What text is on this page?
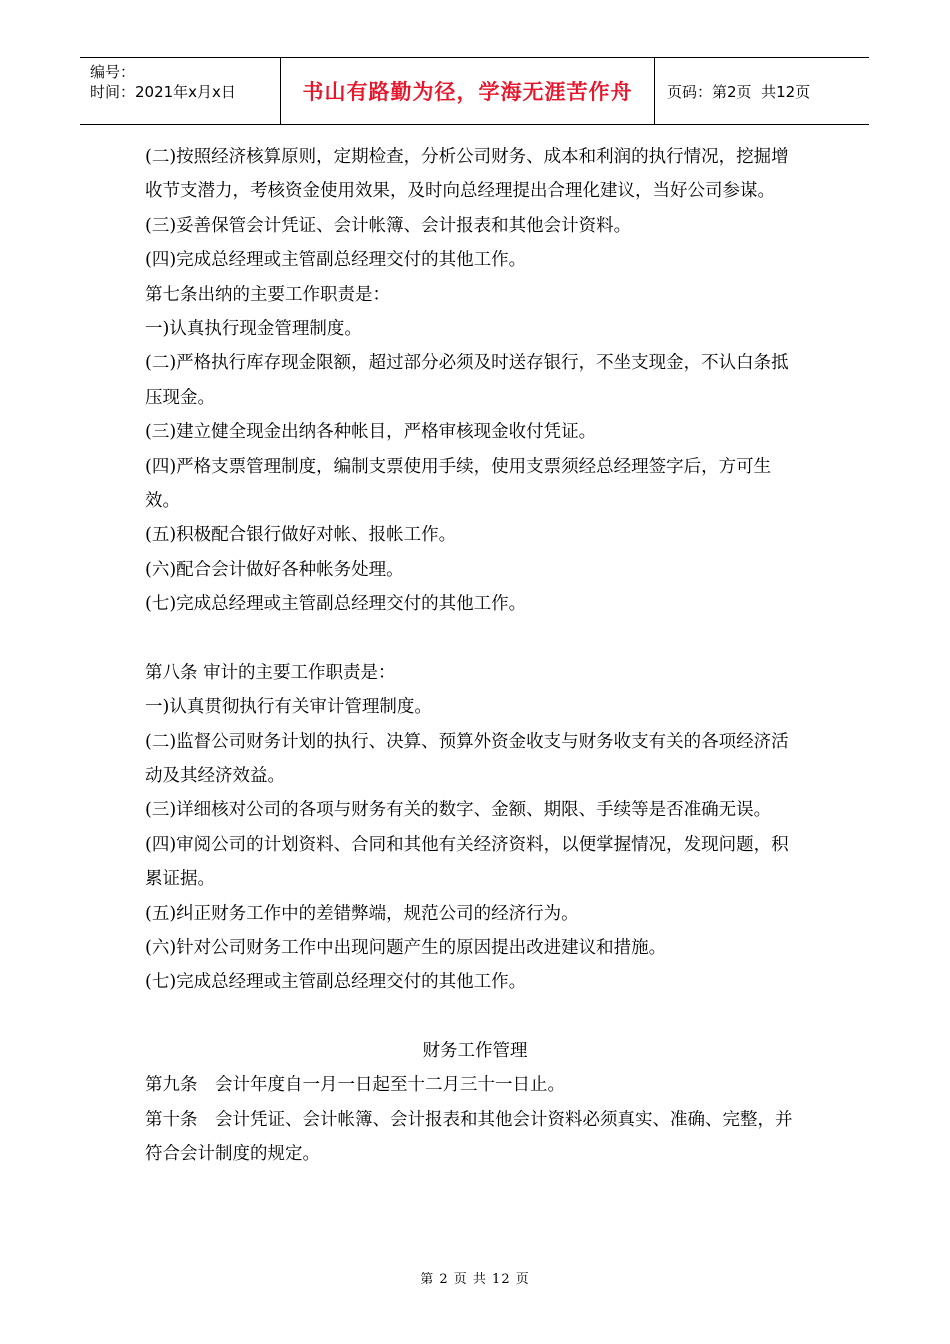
编号：
时间：2021年x月x日	书山有路勤为径，学海无涯苦作舟	页码：第2页  共12页

(二)按照经济核算原则，定期检查，分析公司财务、成本和利润的执行情况，挖掘增收节支潜力，考核资金使用效果，及时向总经理提出合理化建议，当好公司参谋。

(三)妥善保管会计凭证、会计帐簿、会计报表和其他会计资料。

(四)完成总经理或主管副总经理交付的其他工作。

第七条出纳的主要工作职责是：

一)认真执行现金管理制度。

(二)严格执行库存现金限额，超过部分必须及时送存银行，不坐支现金，不认白条抵压现金。

(三)建立健全现金出纳各种帐目，严格审核现金收付凭证。

(四)严格支票管理制度，编制支票使用手续，使用支票须经总经理签字后，方可生效。

(五)积极配合银行做好对帐、报帐工作。

(六)配合会计做好各种帐务处理。

(七)完成总经理或主管副总经理交付的其他工作。

第八条 审计的主要工作职责是：

一)认真贯彻执行有关审计管理制度。

(二)监督公司财务计划的执行、决算、预算外资金收支与财务收支有关的各项经济活动及其经济效益。

(三)详细核对公司的各项与财务有关的数字、金额、期限、手续等是否准确无误。

(四)审阅公司的计划资料、合同和其他有关经济资料，以便掌握情况，发现问题，积累证据。

(五)纠正财务工作中的差错弊端，规范公司的经济行为。

(六)针对公司财务工作中出现问题产生的原因提出改进建议和措施。

(七)完成总经理或主管副总经理交付的其他工作。

财务工作管理

第九条　会计年度自一月一日起至十二月三十一日止。

第十条　会计凭证、会计帐簿、会计报表和其他会计资料必须真实、准确、完整，并符合会计制度的规定。

第 2 页 共 12 页
